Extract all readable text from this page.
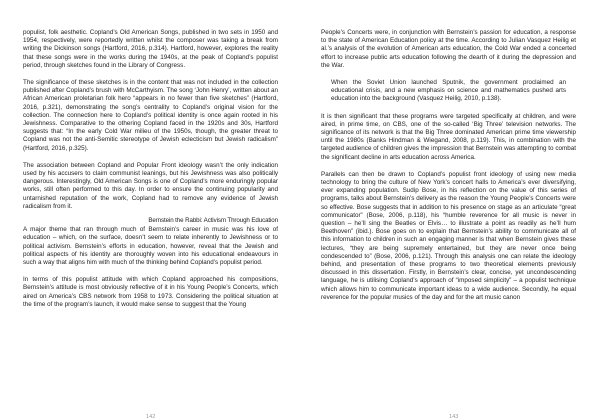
populist, folk aesthetic. Copland’s Old American Songs, published in two sets in 1950 and 1954, respectively, were reportedly written whilst the composer was taking a break from writing the Dickinson songs (Hartford, 2016, p.314). Hartford, however, explores the reality that these songs were in the works during the 1940s, at the peak of Copland’s populist period, through sketches found in the Library of Congress.

The significance of these sketches is in the content that was not included in the collection published after Copland’s brush with McCarthyism. The song ‘John Henry’, written about an African American proletarian folk hero “appears in no fewer than five sketches” (Hartford, 2016, p.321), demonstrating the song’s centrality to Copland’s original vision for the collection. The connection here to Copland’s political identity is once again rooted in his Jewishness. Comparative to the othering Copland faced in the 1920s and 30s, Hartford suggests that: “In the early Cold War milieu of the 1950s, though, the greater threat to Copland was not the anti-Semitic stereotype of Jewish eclecticism but Jewish radicalism” (Hartford, 2016, p.325).

The association between Copland and Popular Front ideology wasn’t the only indication used by his accusers to claim communist leanings, but his Jewishness was also politically dangerous. Interestingly, Old American Songs is one of Copland’s more enduringly popular works, still often performed to this day. In order to ensure the continuing popularity and untarnished reputation of the work, Copland had to remove any evidence of Jewish radicalism from it.

Bernstein the Rabbi: Activism Through Education

A major theme that ran through much of Bernstein’s career in music was his love of education – which, on the surface, doesn’t seem to relate inherently to Jewishness or to political activism. Bernstein’s efforts in education, however, reveal that the Jewish and political aspects of his identity are thoroughly woven into his educational endeavours in such a way that aligns him with much of the thinking behind Copland’s populist period.

In terms of this populist attitude with which Copland approached his compositions, Bernstein’s attitude is most obviously reflective of it in his Young People’s Concerts, which aired on America’s CBS network from 1958 to 1973. Considering the political situation at the time of the program’s launch, it would make sense to suggest that the Young

142

People’s Concerts were, in conjunction with Bernstein’s passion for education, a response to the state of American Education policy at the time. According to Julian Vasquez Heilig et al.’s analysis of the evolution of American arts education, the Cold War ended a concerted effort to increase public arts education following the dearth of it during the depression and the War.

When the Soviet Union launched Sputnik, the government proclaimed an educational crisis, and a new emphasis on science and mathematics pushed arts education into the background (Vasquez Heilig, 2010, p.138).

It is then significant that these programs were targeted specifically at children, and were aired, in prime time, on CBS, one of the so-called ‘Big Three’ television networks. The significance of its network is that the Big Three dominated American prime time viewership until the 1980s (Banks Hindman & Wiegand, 2008, p.119). This, in combination with the targeted audience of children gives the impression that Bernstein was attempting to combat the significant decline in arts education across America.

Parallels can then be drawn to Copland’s populist front ideology of using new media technology to bring the culture of New York’s concert halls to America’s ever diversifying, ever expanding population. Sudip Bose, in his reflection on the value of this series of programs, talks about Bernstein’s delivery as the reason the Young People’s Concerts were so effective. Bose suggests that in addition to his presence on stage as an articulate “great communicator” (Bose, 2006, p.118), his “humble reverence for all music is never in question – he’ll sing the Beatles or Elvis… to illustrate a point as readily as he’ll hum Beethoven” (ibid.). Bose goes on to explain that Bernstein’s ability to communicate all of this information to children in such an engaging manner is that when Bernstein gives these lectures, “they are being supremely entertained, but they are never once being condescended to” (Bose, 2006, p.121). Through this analysis one can relate the ideology behind, and presentation of these programs to two theoretical elements previously discussed in this dissertation. Firstly, in Bernstein’s clear, concise, yet uncondescending language, he is utilising Copland’s approach of “imposed simplicity” – a populist technique which allows him to communicate important ideas to a wide audience. Secondly, he equal reverence for the popular musics of the day and for the art music canon

143
